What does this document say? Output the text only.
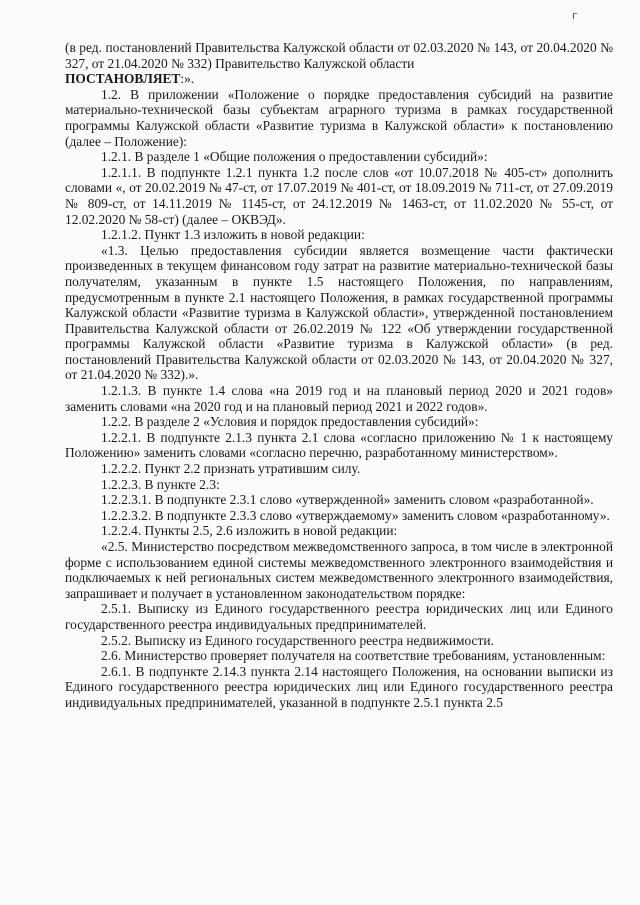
г

(в ред. постановлений Правительства Калужской области от 02.03.2020 № 143, от 20.04.2020 № 327, от 21.04.2020 № 332) Правительство Калужской области

ПОСТАНОВЛЯЕТ:».

1.2. В приложении «Положение о порядке предоставления субсидий на развитие материально-технической базы субъектам аграрного туризма в рамках государственной программы Калужской области «Развитие туризма в Калужской области» к постановлению (далее – Положение):

1.2.1. В разделе 1 «Общие положения о предоставлении субсидий»:

1.2.1.1. В подпункте 1.2.1 пункта 1.2 после слов «от 10.07.2018 № 405-ст» дополнить словами «, от 20.02.2019 № 47-ст, от 17.07.2019 № 401-ст, от 18.09.2019 № 711-ст, от 27.09.2019 № 809-ст, от 14.11.2019 № 1145-ст, от 24.12.2019 № 1463-ст, от 11.02.2020 № 55-ст, от 12.02.2020 № 58-ст) (далее – ОКВЭД».

1.2.1.2. Пункт 1.3 изложить в новой редакции:

«1.3. Целью предоставления субсидии является возмещение части фактически произведенных в текущем финансовом году затрат на развитие материально-технической базы получателям, указанным в пункте 1.5 настоящего Положения, по направлениям, предусмотренным в пункте 2.1 настоящего Положения, в рамках государственной программы Калужской области «Развитие туризма в Калужской области», утвержденной постановлением Правительства Калужской области от 26.02.2019 № 122 «Об утверждении государственной программы Калужской области «Развитие туризма в Калужской области» (в ред. постановлений Правительства Калужской области от 02.03.2020 № 143, от 20.04.2020 № 327, от 21.04.2020 № 332).».

1.2.1.3. В пункте 1.4 слова «на 2019 год и на плановый период 2020 и 2021 годов» заменить словами «на 2020 год и на плановый период 2021 и 2022 годов».

1.2.2. В разделе 2 «Условия и порядок предоставления субсидий»:

1.2.2.1. В подпункте 2.1.3 пункта 2.1 слова «согласно приложению № 1 к настоящему Положению» заменить словами «согласно перечню, разработанному министерством».

1.2.2.2. Пункт 2.2 признать утратившим силу.

1.2.2.3. В пункте 2.3:

1.2.2.3.1. В подпункте 2.3.1 слово «утвержденной» заменить словом «разработанной».

1.2.2.3.2. В подпункте 2.3.3 слово «утверждаемому» заменить словом «разработанному».

1.2.2.4. Пункты 2.5, 2.6 изложить в новой редакции:

«2.5. Министерство посредством межведомственного запроса, в том числе в электронной форме с использованием единой системы межведомственного электронного взаимодействия и подключаемых к ней региональных систем межведомственного электронного взаимодействия, запрашивает и получает в установленном законодательством порядке:

2.5.1. Выписку из Единого государственного реестра юридических лиц или Единого государственного реестра индивидуальных предпринимателей.

2.5.2. Выписку из Единого государственного реестра недвижимости.

2.6. Министерство проверяет получателя на соответствие требованиям, установленным:

2.6.1. В подпункте 2.14.3 пункта 2.14 настоящего Положения, на основании выписки из Единого государственного реестра юридических лиц или Единого государственного реестра индивидуальных предпринимателей, указанной в подпункте 2.5.1 пункта 2.5
